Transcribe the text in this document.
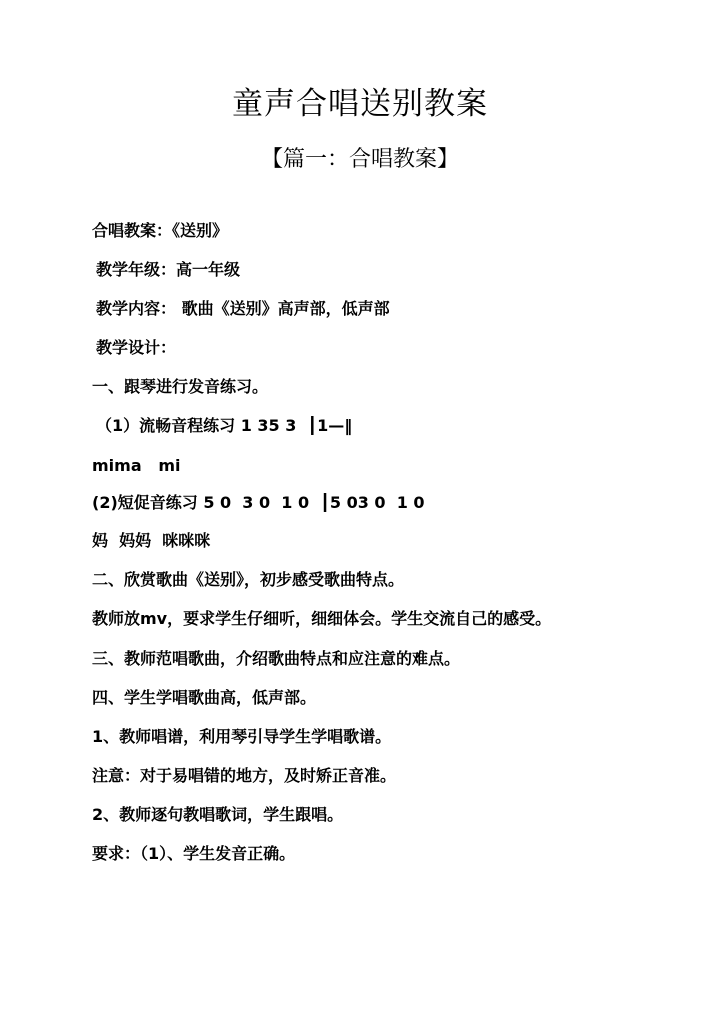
童声合唱送别教案
【篇一：合唱教案】
合唱教案：《送别》
教学年级：高一年级
教学内容： 歌曲《送别》高声部，低声部
教学设计：
一、跟琴进行发音练习。
（1）流畅音程练习 1 35 3  ┃1—‖
mima   mi
(2)短促音练习 5 0  3 0  1 0  ┃5 03 0  1 0
妈  妈妈  咪咪咪
二、欣赏歌曲《送别》，初步感受歌曲特点。
教师放mv，要求学生仔细听，细细体会。学生交流自己的感受。
三、教师范唱歌曲，介绍歌曲特点和应注意的难点。
四、学生学唱歌曲高，低声部。
1、教师唱谱，利用琴引导学生学唱歌谱。
注意：对于易唱错的地方，及时矫正音准。
2、教师逐句教唱歌词，学生跟唱。
要求：（1）、学生发音正确。
